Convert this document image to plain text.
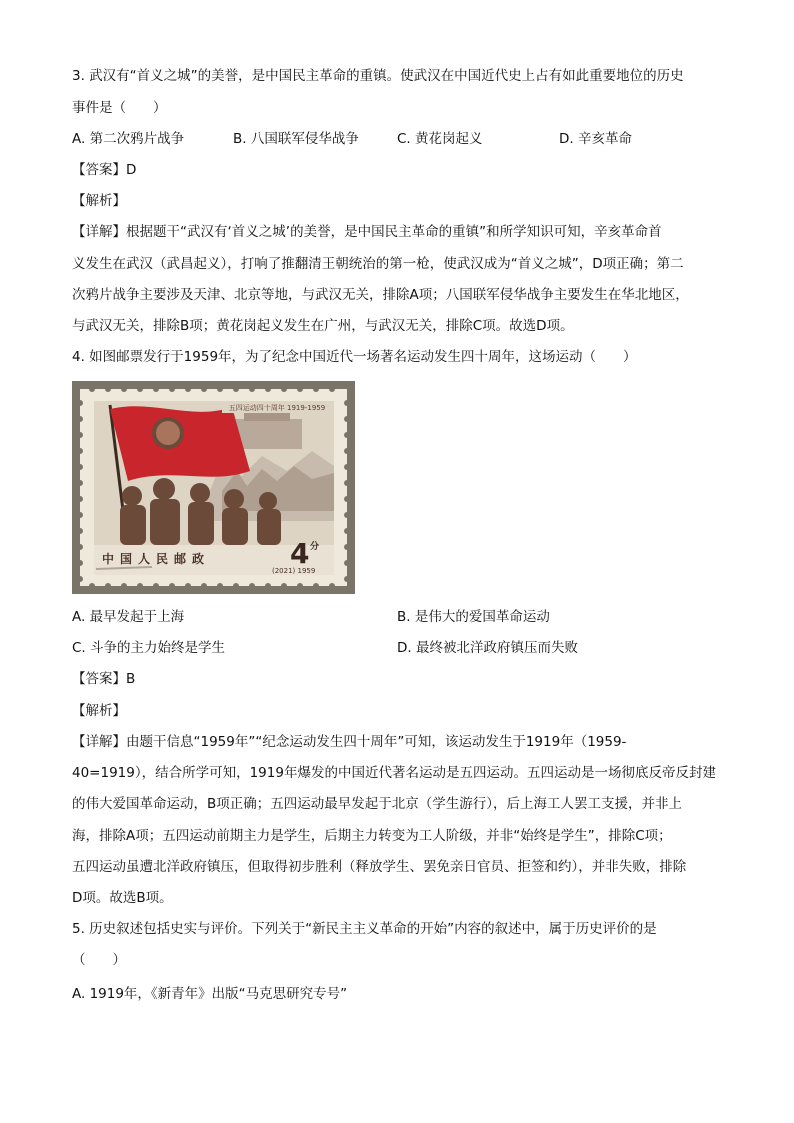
3. 武汉有“首义之城”的美誉，是中国民主革命的重镇。使武汉在中国近代史上占有如此重要地位的历史
事件是（　　）
A. 第二次鸦片战争	B. 八国联军侵华战争	C. 黄花岗起义	D. 辛亥革命
【答案】D
【解析】
【详解】根据题干“武汉有‘首义之城’的美誉，是中国民主革命的重镇”和所学知识可知，辛亥革命首
义发生在武汉（武昌起义），打响了推翻清王朝统治的第一枪，使武汉成为“首义之城”，D项正确；第二
次鸦片战争主要涉及天津、北京等地，与武汉无关，排除A项；八国联军侵华战争主要发生在华北地区，
与武汉无关，排除B项；黄花岗起义发生在广州，与武汉无关，排除C项。故选D项。
4. 如图邮票发行于1959年，为了纪念中国近代一场著名运动发生四十周年，这场运动（　　）
五四运动四十周年 1919-1959
中国人民邮政
(2021) 1959
4 分
A. 最早发起于上海	B. 是伟大的爱国革命运动
C. 斗争的主力始终是学生	D. 最终被北洋政府镇压而失败
【答案】B
【解析】
【详解】由题干信息“1959年”“纪念运动发生四十周年”可知，该运动发生于1919年（1959-
40=1919），结合所学可知，1919年爆发的中国近代著名运动是五四运动。五四运动是一场彻底反帝反封建
的伟大爱国革命运动，B项正确；五四运动最早发起于北京（学生游行），后上海工人罢工支援，并非上
海，排除A项；五四运动前期主力是学生，后期主力转变为工人阶级，并非“始终是学生”，排除C项；
五四运动虽遭北洋政府镇压，但取得初步胜利（释放学生、罢免亲日官员、拒签和约），并非失败，排除
D项。故选B项。
5. 历史叙述包括史实与评价。下列关于“新民主主义革命的开始”内容的叙述中，属于历史评价的是
（　　）
A. 1919年，《新青年》出版“马克思研究专号”
